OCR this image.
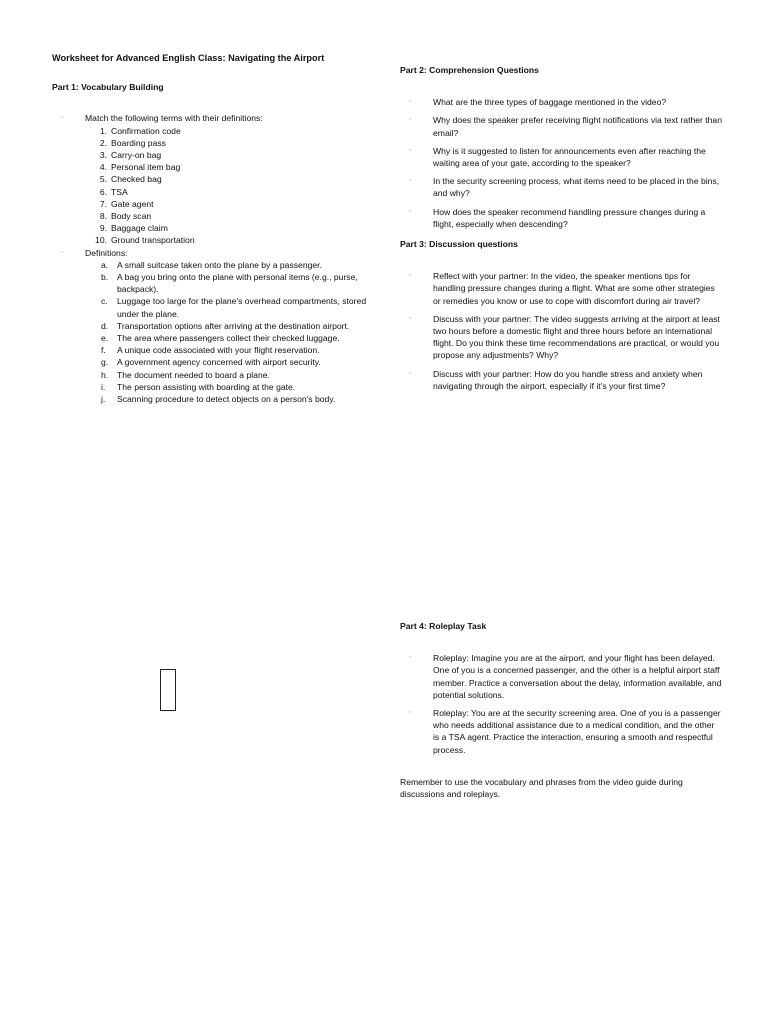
Worksheet for Advanced English Class: Navigating the Airport

Part 1: Vocabulary Building

◦ Match the following terms with their definitions:
1. Confirmation code
2. Boarding pass
3. Carry-on bag
4. Personal item bag
5. Checked bag
6. TSA
7. Gate agent
8. Body scan
9. Baggage claim
10. Ground transportation
◦ Definitions:
a.	A small suitcase taken onto the plane by a passenger.
b.	A bag you bring onto the plane with personal items (e.g., purse, backpack).
c.	Luggage too large for the plane's overhead compartments, stored under the plane.
d.	Transportation options after arriving at the destination airport.
e.	The area where passengers collect their checked luggage.
f.	A unique code associated with your flight reservation.
g.	A government agency concerned with airport security.
h.	The document needed to board a plane.
i.	The person assisting with boarding at the gate.
j.	Scanning procedure to detect objects on a person's body.

Part 2: Comprehension Questions

◦ What are the three types of baggage mentioned in the video?
◦ Why does the speaker prefer receiving flight notifications via text rather than email?
◦ Why is it suggested to listen for announcements even after reaching the waiting area of your gate, according to the speaker?
◦ In the security screening process, what items need to be placed in the bins, and why?
◦ How does the speaker recommend handling pressure changes during a flight, especially when descending?

Part 3: Discussion questions

◦ Reflect with your partner: In the video, the speaker mentions tips for handling pressure changes during a flight. What are some other strategies or remedies you know or use to cope with discomfort during air travel?
◦ Discuss with your partner: The video suggests arriving at the airport at least two hours before a domestic flight and three hours before an international flight. Do you think these time recommendations are practical, or would you propose any adjustments? Why?
◦ Discuss with your partner: How do you handle stress and anxiety when navigating through the airport, especially if it's your first time?

Part 4: Roleplay Task

◦ Roleplay: Imagine you are at the airport, and your flight has been delayed. One of you is a concerned passenger, and the other is a helpful airport staff member. Practice a conversation about the delay, information available, and potential solutions.
◦ Roleplay: You are at the security screening area. One of you is a passenger who needs additional assistance due to a medical condition, and the other is a TSA agent. Practice the interaction, ensuring a smooth and respectful process.

Remember to use the vocabulary and phrases from the video guide during discussions and roleplays.
